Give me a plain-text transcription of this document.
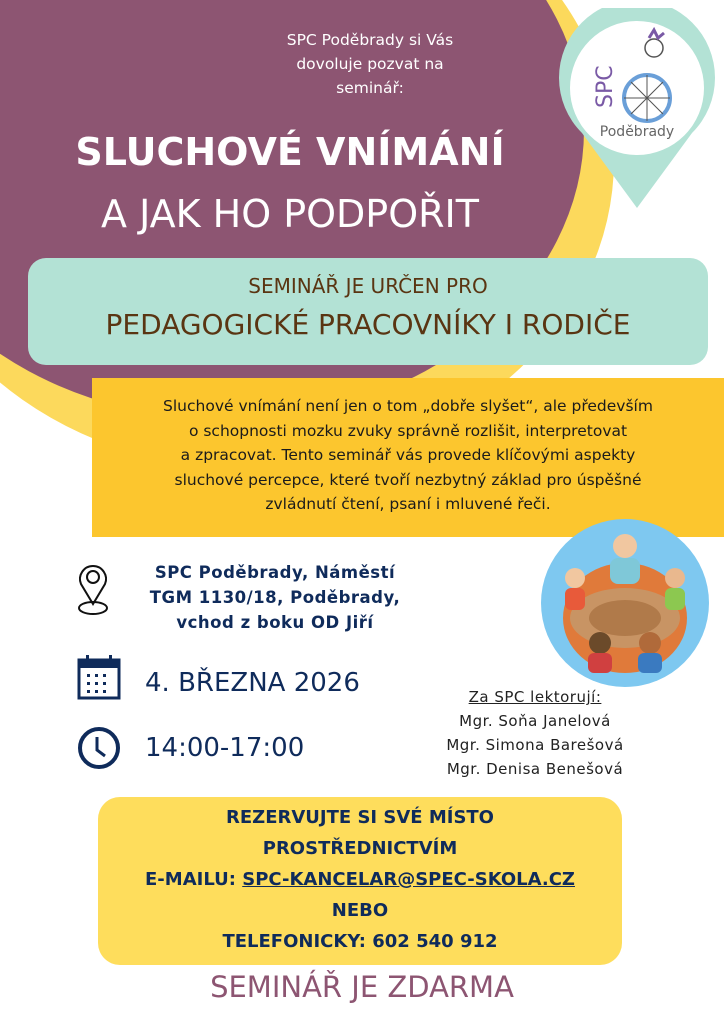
SPC Poděbrady si Vás
dovoluje pozvat na
seminář:
SLUCHOVÉ VNÍMÁNÍ
A JAK HO PODPOŘIT
SPC
Poděbrady
SEMINÁŘ JE URČEN PRO
PEDAGOGICKÉ PRACOVNÍKY I RODIČE
Sluchové vnímání není jen o tom „dobře slyšet“, ale především
o schopnosti mozku zvuky správně rozlišit, interpretovat
a zpracovat. Tento seminář vás provede klíčovými aspekty
sluchové percepce, které tvoří nezbytný základ pro úspěšné
zvládnutí čtení, psaní i mluvené řeči.
SPC Poděbrady, Náměstí
TGM 1130/18, Poděbrady,
vchod z boku OD Jiří
4. BŘEZNA 2026
14:00-17:00
Za SPC lektorují:
Mgr. Soňa Janelová
Mgr. Simona Barešová
Mgr. Denisa Benešová
REZERVUJTE SI SVÉ MÍSTO
PROSTŘEDNICTVÍM
E-MAILU: SPC-KANCELAR@SPEC-SKOLA.CZ
NEBO
TELEFONICKY: 602 540 912
SEMINÁŘ JE ZDARMA
